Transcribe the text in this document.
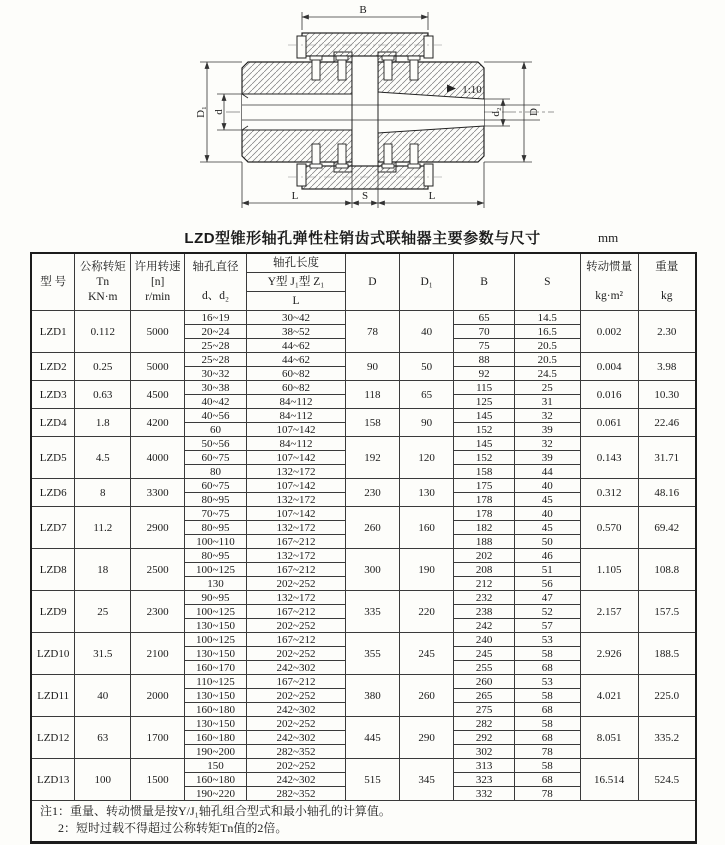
B
D
d₂
D₁ d
L	S	L
1:10
LZD型锥形轴孔弹性柱销齿式联轴器主要参数与尺寸	mm
型 号	公称转矩
Tn
KN·m	许用转速
[n]
r/min	轴孔直径
d、d₂	轴孔长度
Y型 J₁型 Z₁
L	D	D₁	B	S	转动惯量
kg·m²	重量
kg

LZD1	0.112	5000	16~19	30~42	78	40	65	14.5	0.002	2.30
			20~24	38~52			70	16.5		
			25~28	44~62			75	20.5		
LZD2	0.25	5000	25~28	44~62	90	50	88	20.5	0.004	3.98
			30~32	60~82			92	24.5		
LZD3	0.63	4500	30~38	60~82	118	65	115	25	0.016	10.30
			40~42	84~112			125	31		
LZD4	1.8	4200	40~56	84~112	158	90	145	32	0.061	22.46
			60	107~142			152	39		
LZD5	4.5	4000	50~56	84~112	192	120	145	32	0.143	31.71
			60~75	107~142			152	39		
			80	132~172			158	44		
LZD6	8	3300	60~75	107~142	230	130	175	40	0.312	48.16
			80~95	132~172			178	45		
LZD7	11.2	2900	70~75	107~142	260	160	178	40	0.570	69.42
			80~95	132~172			182	45		
			100~110	167~212			188	50		
LZD8	18	2500	80~95	132~172	300	190	202	46	1.105	108.8
			100~125	167~212			208	51		
			130	202~252			212	56		
LZD9	25	2300	90~95	132~172	335	220	232	47	2.157	157.5
			100~125	167~212			238	52		
			130~150	202~252			242	57		
LZD10	31.5	2100	100~125	167~212	355	245	240	53	2.926	188.5
			130~150	202~252			245	58		
			160~170	242~302			255	68		
LZD11	40	2000	110~125	167~212	380	260	260	53	4.021	225.0
			130~150	202~252			265	58		
			160~180	242~302			275	68		
LZD12	63	1700	130~150	202~252	445	290	282	58	8.051	335.2
			160~180	242~302			292	68		
			190~200	282~352			302	78		
LZD13	100	1500	150	202~252	515	345	313	58	16.514	524.5
			160~180	242~302			323	68		
			190~220	282~352			332	78		

注1：重量、转动惯量是按Y/J₁轴孔组合型式和最小轴孔的计算值。
2：短时过载不得超过公称转矩Tn值的2倍。										
